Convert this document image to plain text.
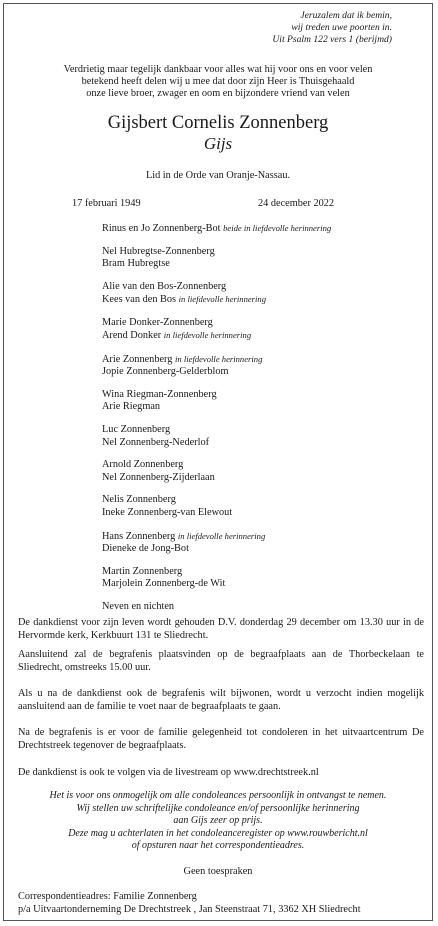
Jeruzalem dat ik bemin,
wij treden uwe poorten in.
Uit Psalm 122 vers 1 (berijmd)
Verdrietig maar tegelijk dankbaar voor alles wat hij voor ons en voor velen
betekend heeft delen wij u mee dat door zijn Heer is Thuisgehaald
onze lieve broer, zwager en oom en bijzondere vriend van velen
Gijsbert Cornelis Zonnenberg
Gijs
Lid in de Orde van Oranje-Nassau.
17 februari 1949	24 december 2022
Rinus en Jo Zonnenberg-Bot beide in liefdevolle herinnering
Nel Hubregtse-Zonnenberg
Bram Hubregtse
Alie van den Bos-Zonnenberg
Kees van den Bos in liefdevolle herinnering
Marie Donker-Zonnenberg
Arend Donker in liefdevolle herinnering
Arie Zonnenberg in liefdevolle herinnering
Jopie Zonnenberg-Gelderblom
Wina Riegman-Zonnenberg
Arie Riegman
Luc Zonnenberg
Nel Zonnenberg-Nederlof
Arnold Zonnenberg
Nel Zonnenberg-Zijderlaan
Nelis Zonnenberg
Ineke Zonnenberg-van Elewout
Hans Zonnenberg in liefdevolle herinnering
Dieneke de Jong-Bot
Martin Zonnenberg
Marjolein Zonnenberg-de Wit
Neven en nichten
De dankdienst voor zijn leven wordt gehouden D.V. donderdag 29 december om 13.30 uur in de Hervormde kerk, Kerkbuurt 131 te Sliedrecht.
Aansluitend zal de begrafenis plaatsvinden op de begraafplaats aan de Thorbeckelaan te Sliedrecht, omstreeks 15.00 uur.
Als u na de dankdienst ook de begrafenis wilt bijwonen, wordt u verzocht indien mogelijk aansluitend aan de familie te voet naar de begraafplaats te gaan.
Na de begrafenis is er voor de familie gelegenheid tot condoleren in het uitvaartcentrum De Drechtstreek tegenover de begraafplaats.
De dankdienst is ook te volgen via de livestream op www.drechtstreek.nl
Het is voor ons onmogelijk om alle condoleances persoonlijk in ontvangst te nemen.
Wij stellen uw schriftelijke condoleance en/of persoonlijke herinnering
aan Gijs zeer op prijs.
Deze mag u achterlaten in het condoleanceregister op www.rouwbericht.nl
of opsturen naar het correspondentieadres.
Geen toespraken
Correspondentieadres: Familie Zonnenberg
p/a Uitvaartonderneming De Drechtstreek , Jan Steenstraat 71, 3362 XH Sliedrecht
